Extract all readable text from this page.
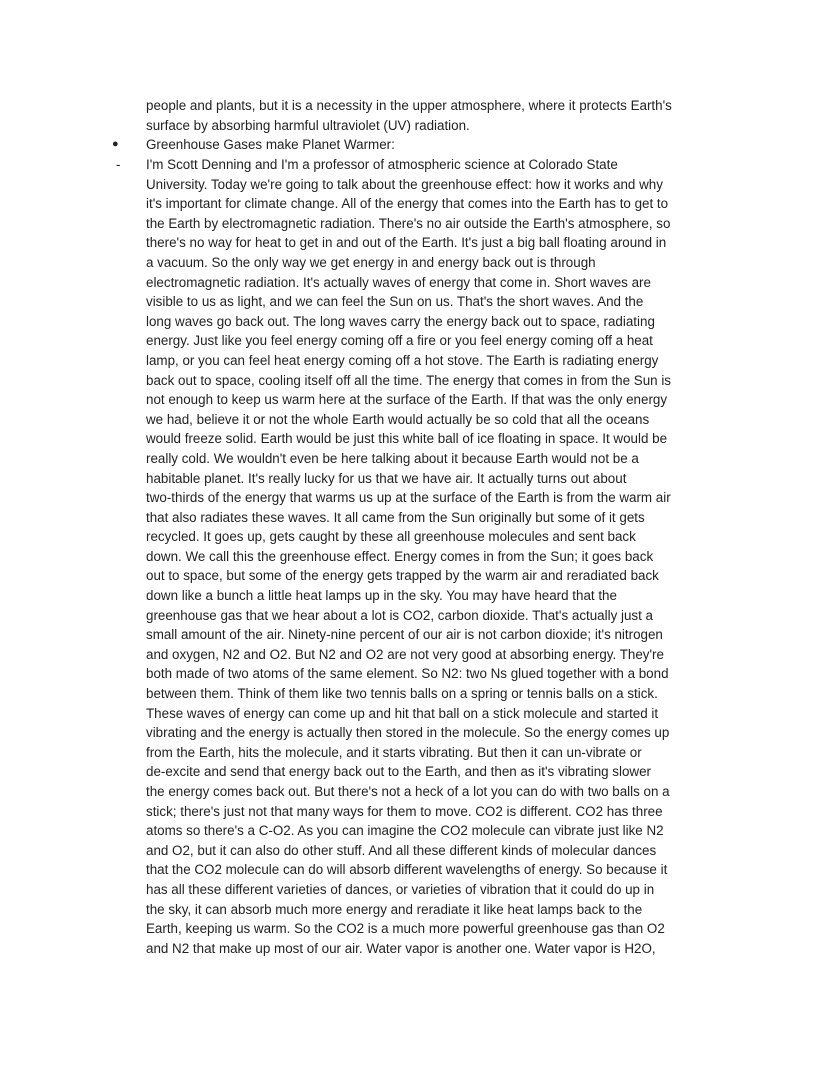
people and plants, but it is a necessity in the upper atmosphere, where it protects Earth's
surface by absorbing harmful ultraviolet (UV) radiation.
●	Greenhouse Gases make Planet Warmer:
-	I'm Scott Denning and I'm a professor of atmospheric science at Colorado State
University. Today we're going to talk about the greenhouse effect: how it works and why
it's important for climate change. All of the energy that comes into the Earth has to get to
the Earth by electromagnetic radiation. There's no air outside the Earth's atmosphere, so
there's no way for heat to get in and out of the Earth. It's just a big ball floating around in
a vacuum. So the only way we get energy in and energy back out is through
electromagnetic radiation. It's actually waves of energy that come in. Short waves are
visible to us as light, and we can feel the Sun on us. That's the short waves. And the
long waves go back out. The long waves carry the energy back out to space, radiating
energy. Just like you feel energy coming off a fire or you feel energy coming off a heat
lamp, or you can feel heat energy coming off a hot stove. The Earth is radiating energy
back out to space, cooling itself off all the time. The energy that comes in from the Sun is
not enough to keep us warm here at the surface of the Earth. If that was the only energy
we had, believe it or not the whole Earth would actually be so cold that all the oceans
would freeze solid. Earth would be just this white ball of ice floating in space. It would be
really cold. We wouldn't even be here talking about it because Earth would not be a
habitable planet. It's really lucky for us that we have air. It actually turns out about
two-thirds of the energy that warms us up at the surface of the Earth is from the warm air
that also radiates these waves. It all came from the Sun originally but some of it gets
recycled. It goes up, gets caught by these all greenhouse molecules and sent back
down. We call this the greenhouse effect. Energy comes in from the Sun; it goes back
out to space, but some of the energy gets trapped by the warm air and reradiated back
down like a bunch a little heat lamps up in the sky. You may have heard that the
greenhouse gas that we hear about a lot is CO2, carbon dioxide. That's actually just a
small amount of the air. Ninety-nine percent of our air is not carbon dioxide; it's nitrogen
and oxygen, N2 and O2. But N2 and O2 are not very good at absorbing energy. They're
both made of two atoms of the same element. So N2: two Ns glued together with a bond
between them. Think of them like two tennis balls on a spring or tennis balls on a stick.
These waves of energy can come up and hit that ball on a stick molecule and started it
vibrating and the energy is actually then stored in the molecule. So the energy comes up
from the Earth, hits the molecule, and it starts vibrating. But then it can un-vibrate or
de-excite and send that energy back out to the Earth, and then as it's vibrating slower
the energy comes back out. But there's not a heck of a lot you can do with two balls on a
stick; there's just not that many ways for them to move. CO2 is different. CO2 has three
atoms so there's a C-O2. As you can imagine the CO2 molecule can vibrate just like N2
and O2, but it can also do other stuff. And all these different kinds of molecular dances
that the CO2 molecule can do will absorb different wavelengths of energy. So because it
has all these different varieties of dances, or varieties of vibration that it could do up in
the sky, it can absorb much more energy and reradiate it like heat lamps back to the
Earth, keeping us warm. So the CO2 is a much more powerful greenhouse gas than O2
and N2 that make up most of our air. Water vapor is another one. Water vapor is H2O,
